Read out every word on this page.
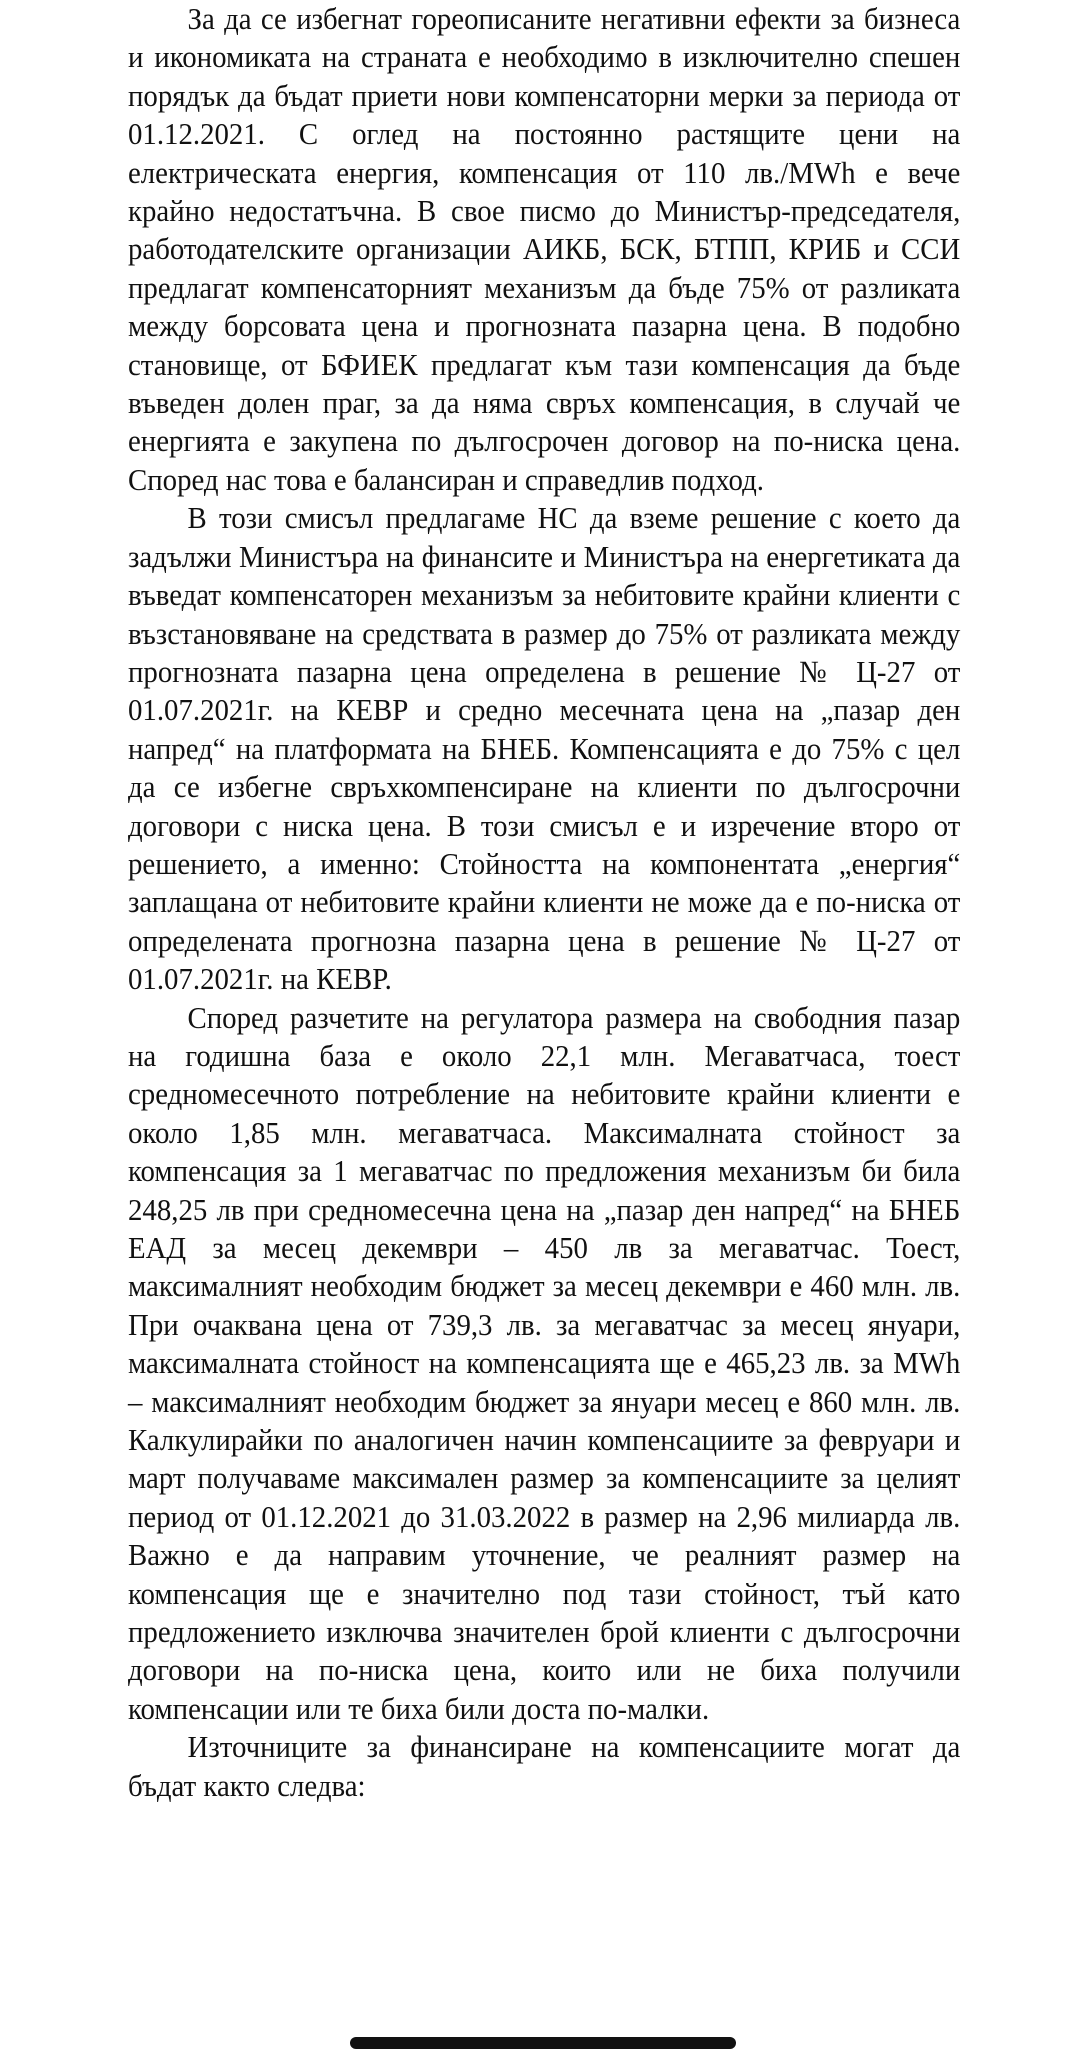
За да се избегнат гореописаните негативни ефекти за бизнеса и икономиката на страната е необходимо в изключително спешен порядък да бъдат приети нови компенсаторни мерки за периода от 01.12.2021. С оглед на постоянно растящите цени на електрическата енергия, компенсация от 110 лв./MWh е вече крайно недостатъчна. В свое писмо до Министър-председателя, работодателските организации АИКБ, БСК, БТПП, КРИБ и ССИ предлагат компенсаторният механизъм да бъде 75% от разликата между борсовата цена и прогнозната пазарна цена. В подобно становище, от БФИЕК предлагат към тази компенсация да бъде въведен долен праг, за да няма свръх компенсация, в случай че енергията е закупена по дългосрочен договор на по-ниска цена. Според нас това е балансиран и справедлив подход.

В този смисъл предлагаме НС да вземе решение с което да задължи Министъра на финансите и Министъра на енергетиката да въведат компенсаторен механизъм за небитовите крайни клиенти с възстановяване на средствата в размер до 75% от разликата между прогнозната пазарна цена определена в решение № Ц-27 от 01.07.2021г. на КЕВР и средно месечната цена на „пазар ден напред“ на платформата на БНЕБ. Компенсацията е до 75% с цел да се избегне свръхкомпенсиране на клиенти по дългосрочни договори с ниска цена. В този смисъл е и изречение второ от решението, а именно: Стойността на компонентата „енергия“ заплащана от небитовите крайни клиенти не може да е по-ниска от определената прогнозна пазарна цена в решение № Ц-27 от 01.07.2021г. на КЕВР.

Според разчетите на регулатора размера на свободния пазар на годишна база е около 22,1 млн. Мегаватчаса, тоест средномесечното потребление на небитовите крайни клиенти е около 1,85 млн. мегаватчаса. Максималната стойност за компенсация за 1 мегаватчас по предложения механизъм би била 248,25 лв при средномесечна цена на „пазар ден напред“ на БНЕБ ЕАД за месец декември – 450 лв за мегаватчас. Тоест, максималният необходим бюджет за месец декември е 460 млн. лв. При очаквана цена от 739,3 лв. за мегаватчас за месец януари, максималната стойност на компенсацията ще е 465,23 лв. за MWh – максималният необходим бюджет за януари месец е 860 млн. лв. Калкулирайки по аналогичен начин компенсациите за февруари и март получаваме максимален размер за компенсациите за целият период от 01.12.2021 до 31.03.2022 в размер на 2,96 милиарда лв. Важно е да направим уточнение, че реалният размер на компенсация ще е значително под тази стойност, тъй като предложението изключва значителен брой клиенти с дългосрочни договори на по-ниска цена, които или не биха получили компенсации или те биха били доста по-малки.

Източниците за финансиране на компенсациите могат да бъдат както следва:
